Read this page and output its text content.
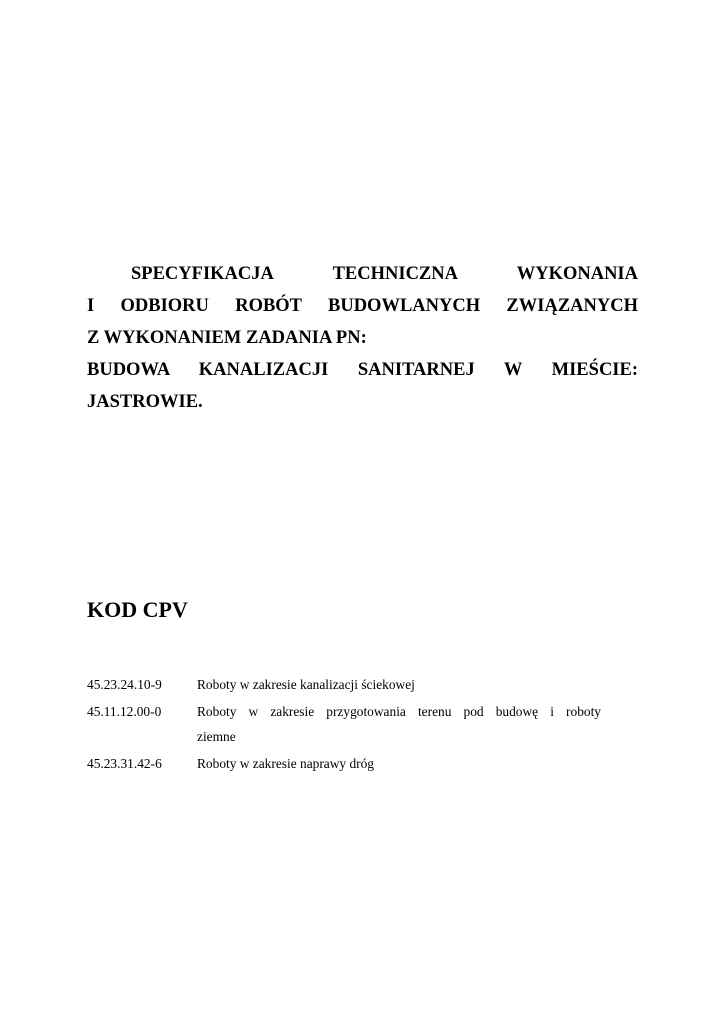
SPECYFIKACJA TECHNICZNA WYKONANIA
I ODBIORU ROBÓT BUDOWLANYCH ZWIĄZANYCH
Z WYKONANIEM ZADANIA PN:
BUDOWA KANALIZACJI SANITARNEJ W MIEŚCIE:
JASTROWIE.
KOD CPV
45.23.24.10-9	Roboty w zakresie kanalizacji ściekowej
45.11.12.00-0	Roboty w zakresie przygotowania terenu pod budowę i roboty
ziemne
45.23.31.42-6	Roboty w zakresie naprawy dróg
